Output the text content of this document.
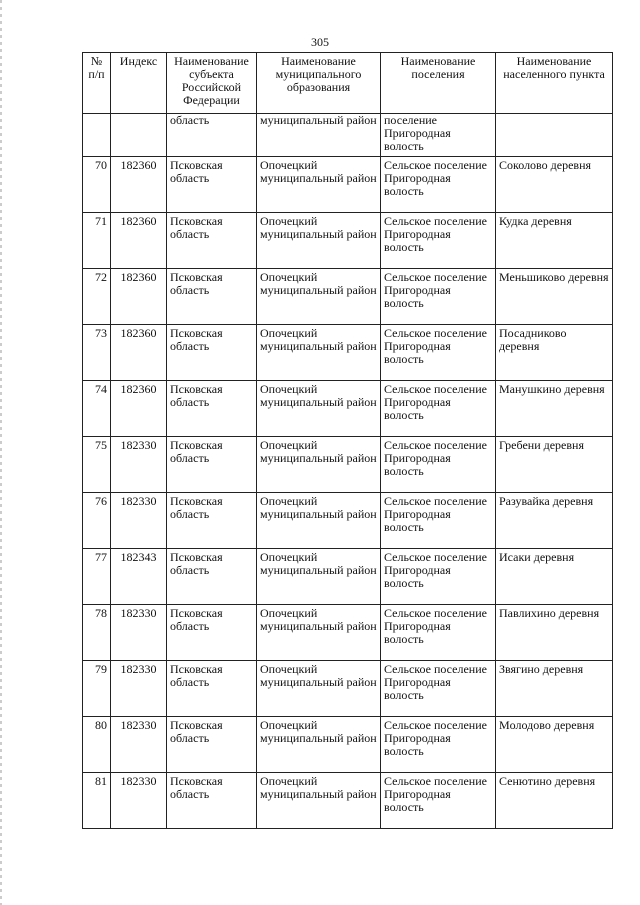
305
№ п/п	Индекс	Наименование субъекта Российской Федерации	Наименование муниципального образования	Наименование поселения	Наименование населенного пункта
		область	муниципальный район	поселение Пригородная волость	
70	182360	Псковская область	Опочецкий муниципальный район	Сельское поселение Пригородная волость	Соколово деревня
71	182360	Псковская область	Опочецкий муниципальный район	Сельское поселение Пригородная волость	Кудка деревня
72	182360	Псковская область	Опочецкий муниципальный район	Сельское поселение Пригородная волость	Меньшиково деревня
73	182360	Псковская область	Опочецкий муниципальный район	Сельское поселение Пригородная волость	Посадниково деревня
74	182360	Псковская область	Опочецкий муниципальный район	Сельское поселение Пригородная волость	Манушкино деревня
75	182330	Псковская область	Опочецкий муниципальный район	Сельское поселение Пригородная волость	Гребени деревня
76	182330	Псковская область	Опочецкий муниципальный район	Сельское поселение Пригородная волость	Разувайка деревня
77	182343	Псковская область	Опочецкий муниципальный район	Сельское поселение Пригородная волость	Исаки деревня
78	182330	Псковская область	Опочецкий муниципальный район	Сельское поселение Пригородная волость	Павлихино деревня
79	182330	Псковская область	Опочецкий муниципальный район	Сельское поселение Пригородная волость	Звягино деревня
80	182330	Псковская область	Опочецкий муниципальный район	Сельское поселение Пригородная волость	Mолодово деревня
81	182330	Псковская область	Опочецкий муниципальный район	Сельское поселение Пригородная волость	Сенютино деревня
